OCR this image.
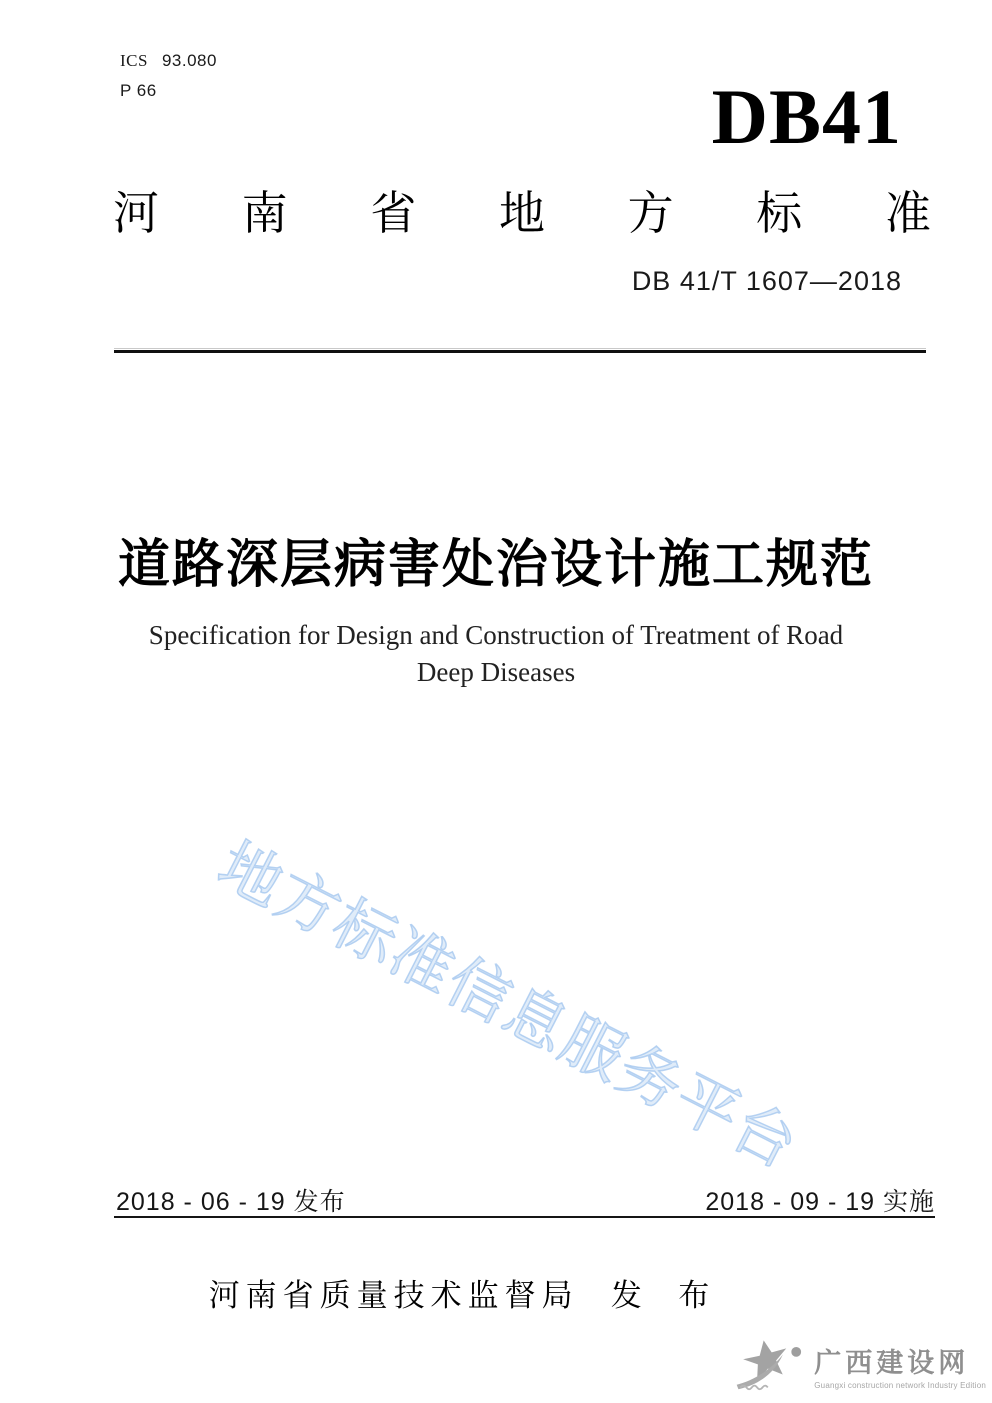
ICS 93.080
P 66	DB41
河 南 省 地 方 标 准
DB 41/T 1607—2018
道路深层病害处治设计施工规范
Specification for Design and Construction of Treatment of Road
Deep Diseases
地方标准信息服务平台
2018 - 06 - 19 发布	2018 - 09 - 19 实施
河南省质量技术监督局 发 布
广西建设网
Guangxi construction network Industry Edition
